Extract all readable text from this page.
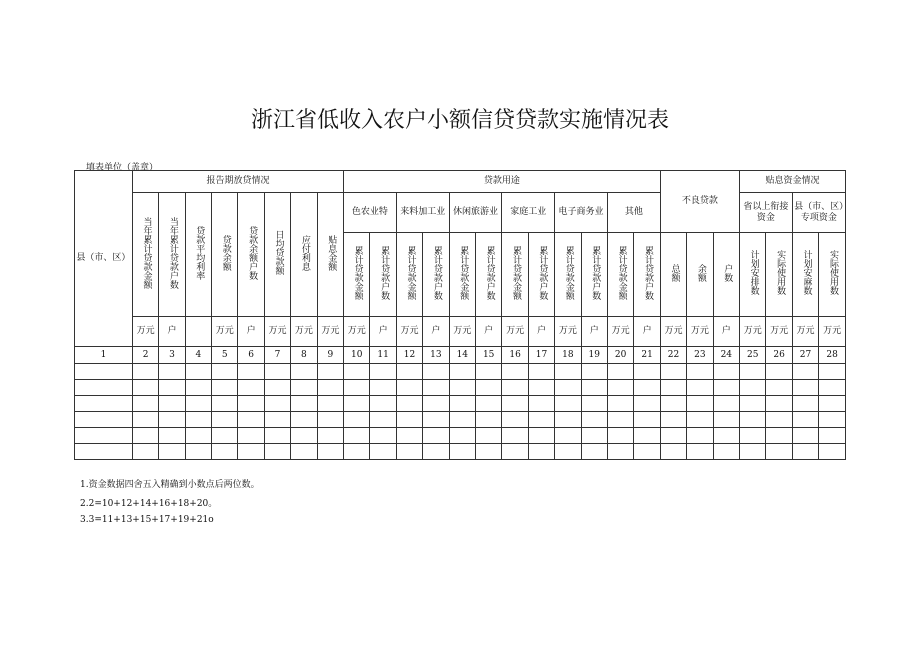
浙江省低收入农户小额信贷贷款实施情况表
填表单位（盖章）
县（市、区）	报告期放贷情况								贷款用途												不良贷款			贴息资金情况			
	当年累计贷款金额	当年累计贷款户数	贷款平均利率	贷款余额	贷款余额户数	日均贷款额	应付利息	贴息金额	色农业特		来料加工业		休闲旅游业		家庭工业		电子商务业		其他					省以上衔接资金		县（市、区）专项资金	
									累计贷款金额	累计贷款户数	累计贷款金额	累计贷款户数	累计贷款金额	累计贷款户数	累计贷款金额	累计贷款户数	累计贷款金额	累计贷款户数	累计贷款金额	累计贷款户数	总额	余额	户数	计划安排数	实际使用数	计划安麻数	实际使用数
	万元	户		万元	户	万元	万元	万元	万元	户	万元	户	万元	户	万元	户	万元	户	万元	户	万元	万元	户	万元	万元	万元	万元
1	2	3	4	5	6	7	8	9	10	11	12	13	14	15	16	17	18	19	20	21	22	23	24	25	26	27	28

1.资金数据四舍五入精确到小数点后两位数。
2.2=10+12+14+16+18+20。
3.3=11+13+15+17+19+21o
